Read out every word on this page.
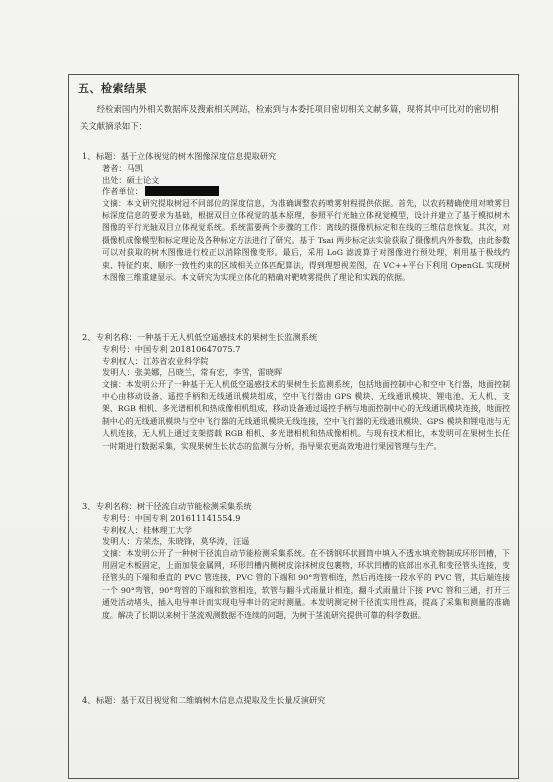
五、检索结果

经检索国内外相关数据库及搜索相关网站，检索到与本委托项目密切相关文献多篇，现将其中可比对的密切相关文献摘录如下：

1、标题：基于立体视觉的树木图像深度信息提取研究

著者：马凯

出处：硕士论文

作者单位：

文摘：本文研究提取树冠不同部位的深度信息，为准确调整农药喷雾射程提供依据。首先，以农药精确使用对喷雾目标深度信息的要求为基础，根据双目立体视觉的基本原理，参照平行光轴立体视觉模型，设计并建立了基于模拟树木图像的平行光轴双目立体视觉系统。系统需要两个步骤的工作：离线的摄像机标定和在线的三维信息恢复。其次，对摄像机成像模型和标定理论及各种标定方法进行了研究。基于 Tsai 两步标定法实验获取了摄像机内外参数，由此参数可以对获取的树木图像进行校正以消除图像变形。最后，采用 LoG 滤波算子对图像进行预处理，利用基于极线约束、特征约束、顺序一致性约束的区域相关立体匹配算法，得到理想视差图，在 VC++平台下利用 OpenGL 实现树木图像三维重建显示。本文研究为实现立体化的精确对靶喷雾提供了理论和实践的依据。

2、专利名称：一种基于无人机低空遥感技术的果树生长监测系统

专利号：中国专利 201810647075.7

专利权人：江苏省农业科学院

发明人：张美娜，吕晓兰，常有宏，李雪，雷晓晖

文摘：本发明公开了一种基于无人机低空遥感技术的果树生长监测系统，包括地面控制中心和空中飞行器，地面控制中心由移动设备、遥控手柄和无线通讯模块组成，空中飞行器由 GPS 模块、无线通讯模块、锂电池、无人机、支架、RGB 相机、多光谱相机和热成像相机组成，移动设备通过遥控手柄与地面控制中心的无线通讯模块连接，地面控制中心的无线通讯模块与空中飞行器的无线通讯模块无线连接，空中飞行器的无线通讯模块、GPS 模块和锂电池与无人机连接，无人机上通过支架搭载 RGB 相机、多光谱相机和热成像相机。与现有技术相比，本发明可在果树生长任一时期进行数据采集，实现果树生长状态的监测与分析，指导果农更高效地进行果园管理与生产。

3、专利名称：树干径流自动节能检测采集系统

专利号：中国专利 201611141554.9

专利权人：桂林理工大学

发明人：方荣杰，朱晓锋，莫华涛，汪遥

文摘：本发明公开了一种树干径流自动节能检测采集系统。在不锈钢环状圆筒中填入不透水填充物制成环形凹槽，下用固定木板固定，上面加装金属网，环形凹槽内侧树皮涂抹树皮包裹物，环状凹槽的底部出水孔和变径管头连接，变径管头的下端和垂直的 PVC 管连接，PVC 管的下端和 90°弯管相连，然后再连接一段水平的 PVC 管，其后端连接一个 90°弯管，90°弯管的下端和软管相连，软管与翻斗式雨量计相连，翻斗式雨量计下接 PVC 管和三通，打开三通处活动堵头，插入电导率计而实现电导率计的定时测量。本发明测定树干径流实用性高，提高了采集和测量的准确度。解决了长期以来树干茎流观测数据不连续的问题，为树干茎流研究提供可靠的科学数据。

4、标题：基于双目视觉和二维熵树木信息点提取及生长量反演研究
